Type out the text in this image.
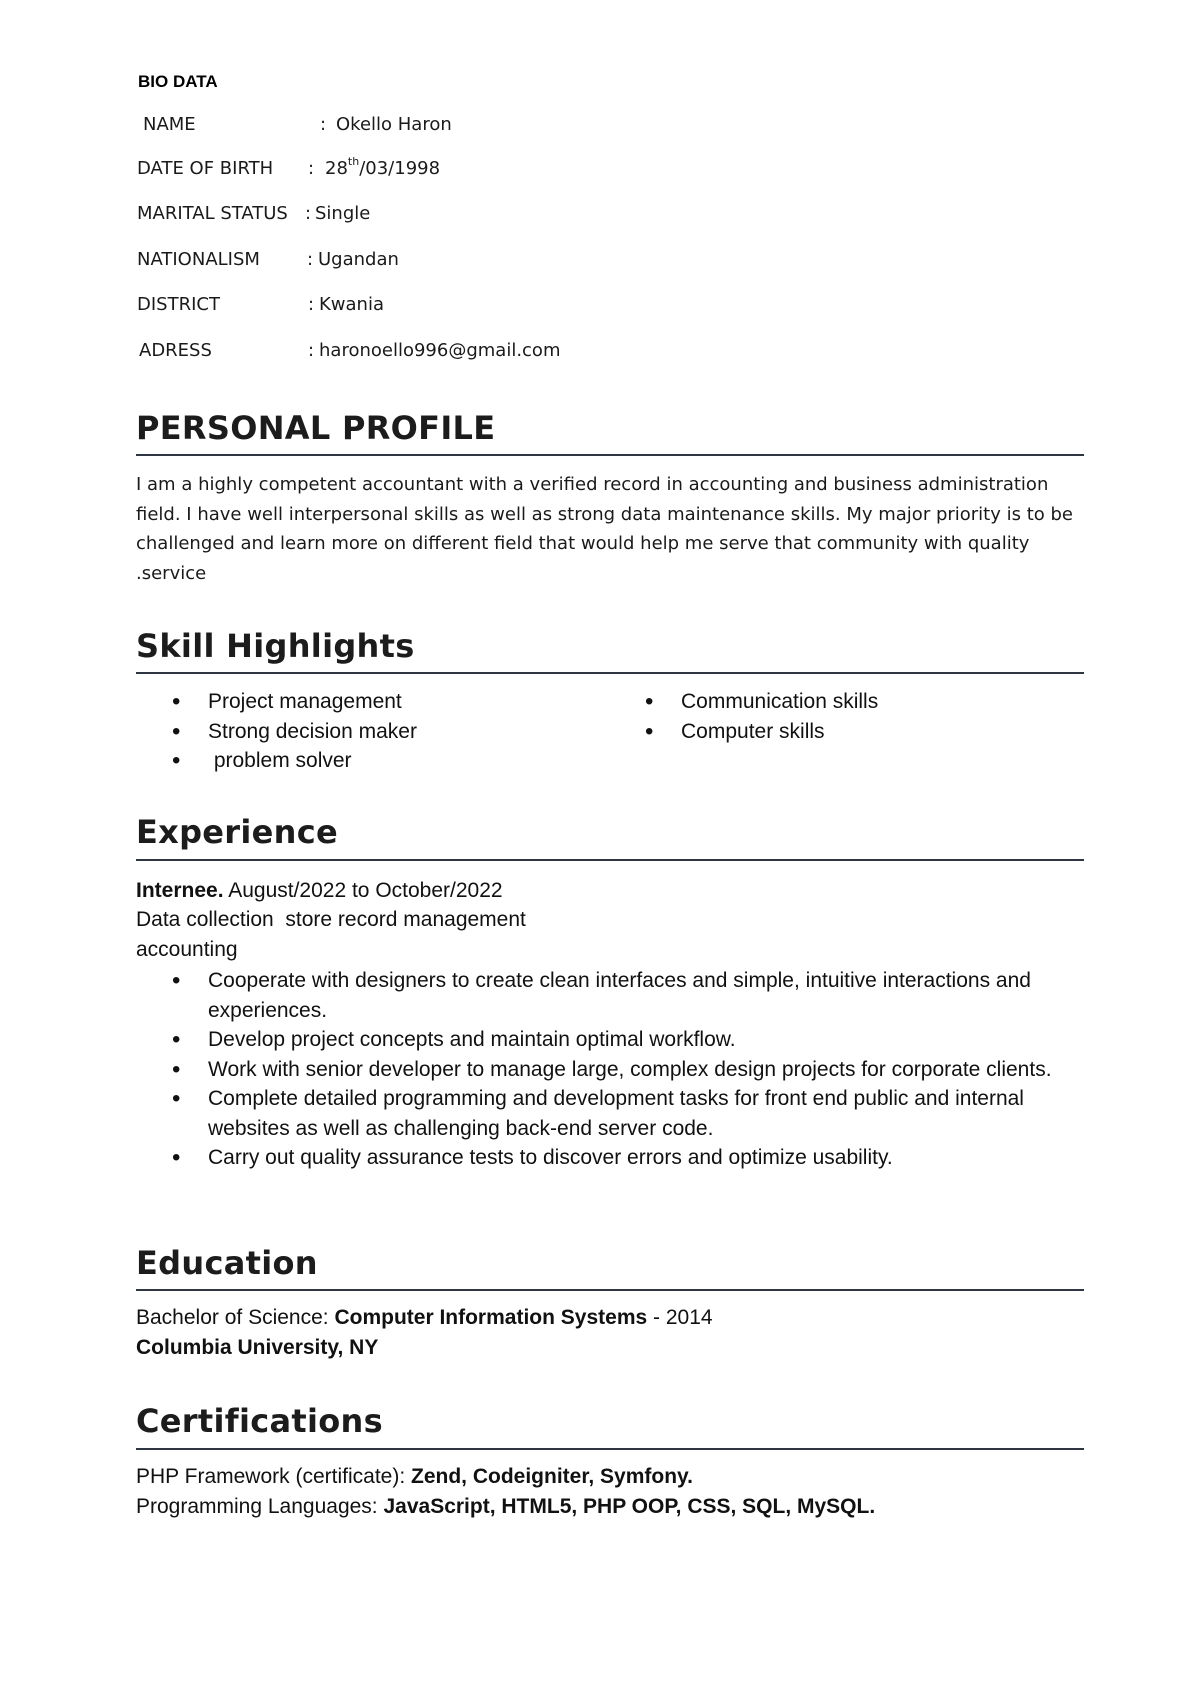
BIO DATA
NAME	: Okello Haron
DATE OF BIRTH : 28th/03/1998
MARITAL STATUS : Single
NATIONALISM	: Ugandan
DISTRICT	: Kwania
ADRESS	: haronoello996@gmail.com
PERSONAL PROFILE

I am a highly competent accountant with a verified record in accounting and business administration

field. I have well interpersonal skills as well as strong data maintenance skills. My major priority is to be

challenged and learn more on different field that would help me serve that community with quality

.service

Skill Highlights
• Project management
• Strong decision maker
•  problem solver
• Communication skills
• Computer skills
Experience
Internee. August/2022 to October/2022
Data collection  store record management
accounting
• Cooperate with designers to create clean interfaces and simple, intuitive interactions and experiences.
• Develop project concepts and maintain optimal workflow.
• Work with senior developer to manage large, complex design projects for corporate clients.
• Complete detailed programming and development tasks for front end public and internal websites as well as challenging back-end server code.
• Carry out quality assurance tests to discover errors and optimize usability.
Education
Bachelor of Science: Computer Information Systems - 2014
Columbia University, NY
Certifications
PHP Framework (certificate): Zend, Codeigniter, Symfony.
Programming Languages: JavaScript, HTML5, PHP OOP, CSS, SQL, MySQL.
